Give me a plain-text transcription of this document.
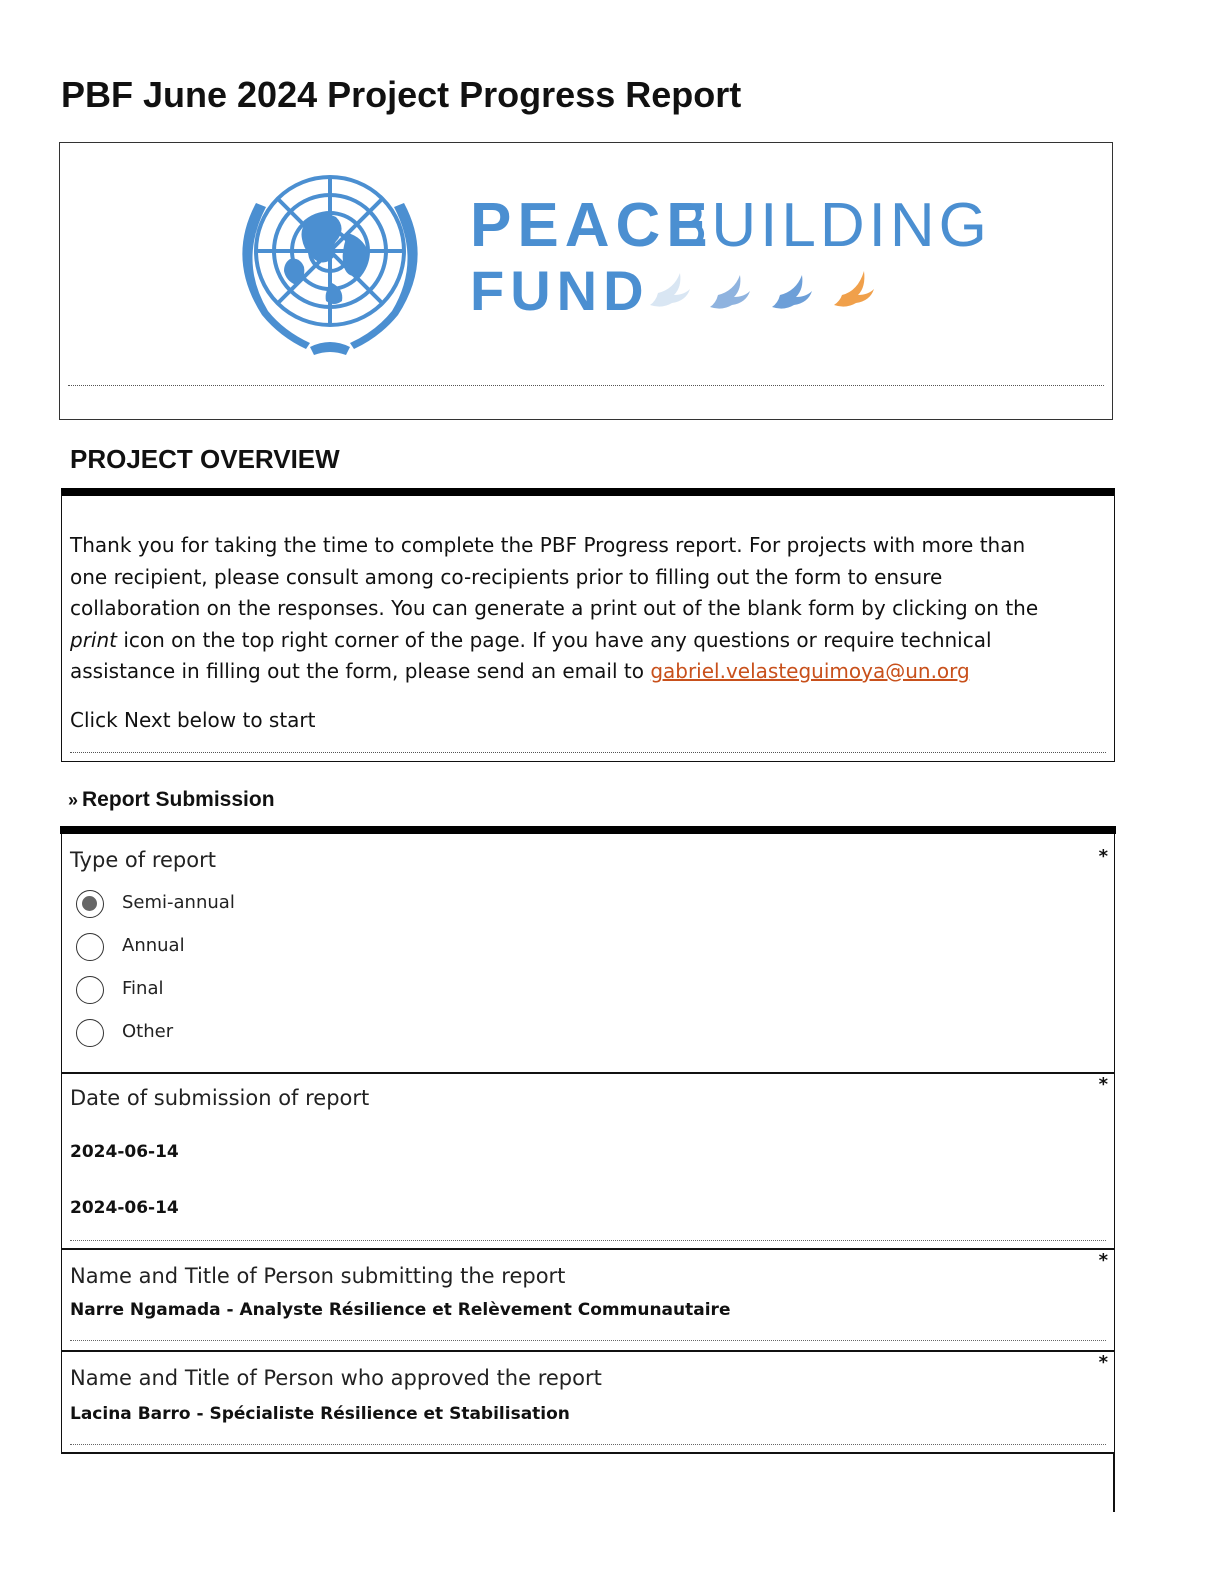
PBF June 2024 Project Progress Report
PEACE
BUILDING
FUND
PROJECT OVERVIEW
Thank you for taking the time to complete the PBF Progress report. For projects with more than one recipient, please consult among co-recipients prior to filling out the form to ensure collaboration on the responses. You can generate a print out of the blank form by clicking on the print icon on the top right corner of the page. If you have any questions or require technical assistance in filling out the form, please send an email to gabriel.velasteguimoya@un.org
Click Next below to start
» Report Submission
Type of report	*
Semi-annual
Annual
Final
Other
Date of submission of report
*
2024-06-14
2024-06-14
Name and Title of Person submitting the report
*
Narre Ngamada - Analyste Résilience et Relèvement Communautaire
Name and Title of Person who approved the report
*
Lacina Barro - Spécialiste Résilience et Stabilisation
